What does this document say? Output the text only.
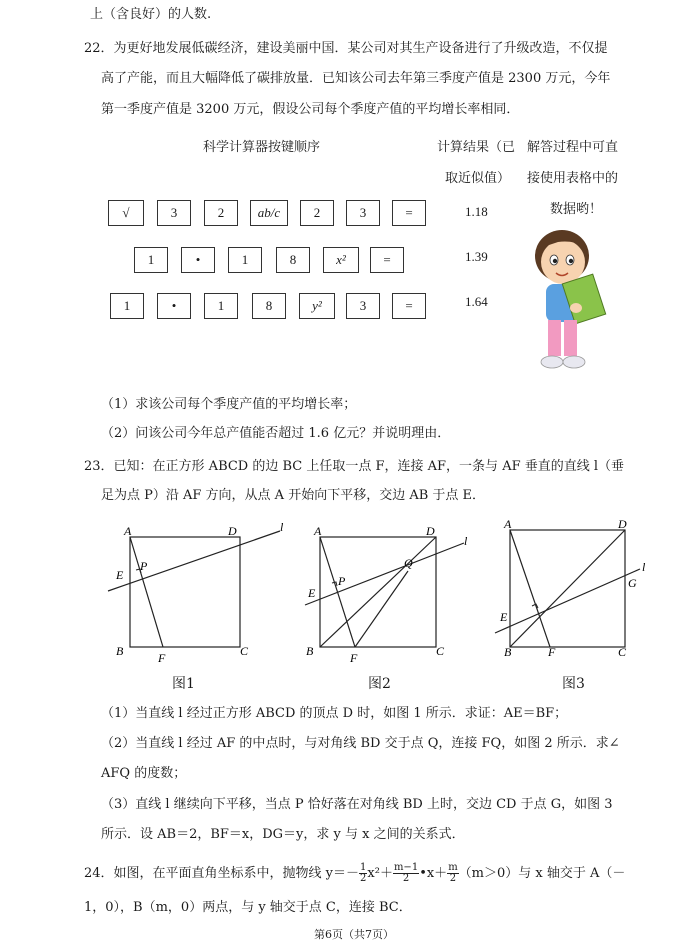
上（含良好）的人数.
22．为更好地发展低碳经济，建设美丽中国．某公司对其生产设备进行了升级改造，不仅提
高了产能，而且大幅降低了碳排放量．已知该公司去年第三季度产值是 2300 万元，今年
第一季度产值是 3200 万元，假设公司每个季度产值的平均增长率相同．
科学计算器按键顺序	计算结果（已
取近似值）
解答过程中可直
接使用表格中的
数据哟！
√	3	2	ab/c	2	3	=	1.18
1	•	1	8	x²	=	1.39
1	•	1	8	y²	3	=	1.64
（1）求该公司每个季度产值的平均增长率；
（2）问该公司今年总产值能否超过 1.6 亿元？并说明理由．
23．已知：在正方形 ABCD 的边 BC 上任取一点 F，连接 AF，一条与 AF 垂直的直线 l（垂
足为点 P）沿 AF 方向，从点 A 开始向下平移，交边 AB 于点 E．
A	D
B	C
F
E
P
l
图1
A	D
B	C
F
E
P
Q
l
图2
A	D
B	C
F
E
G
l
图3
（1）当直线 l 经过正方形 ABCD 的顶点 D 时，如图 1 所示．求证：AE＝BF；
（2）当直线 l 经过 AF 的中点时，与对角线 BD 交于点 Q，连接 FQ，如图 2 所示．求∠
AFQ 的度数；
（3）直线 l 继续向下平移，当点 P 恰好落在对角线 BD 上时，交边 CD 于点 G，如图 3
所示．设 AB＝2，BF＝x，DG＝y，求 y 与 x 之间的关系式．
24．如图，在平面直角坐标系中，抛物线 $y=- \frac{1}{2} x^2+ \frac{m-1}{2}$ •x＋ $\frac{m}{2} (m>0)$与 x 轴交于 A（－
1，0），B（m，0）两点，与 y 轴交于点 C，连接 BC．
第6页（共7页）
